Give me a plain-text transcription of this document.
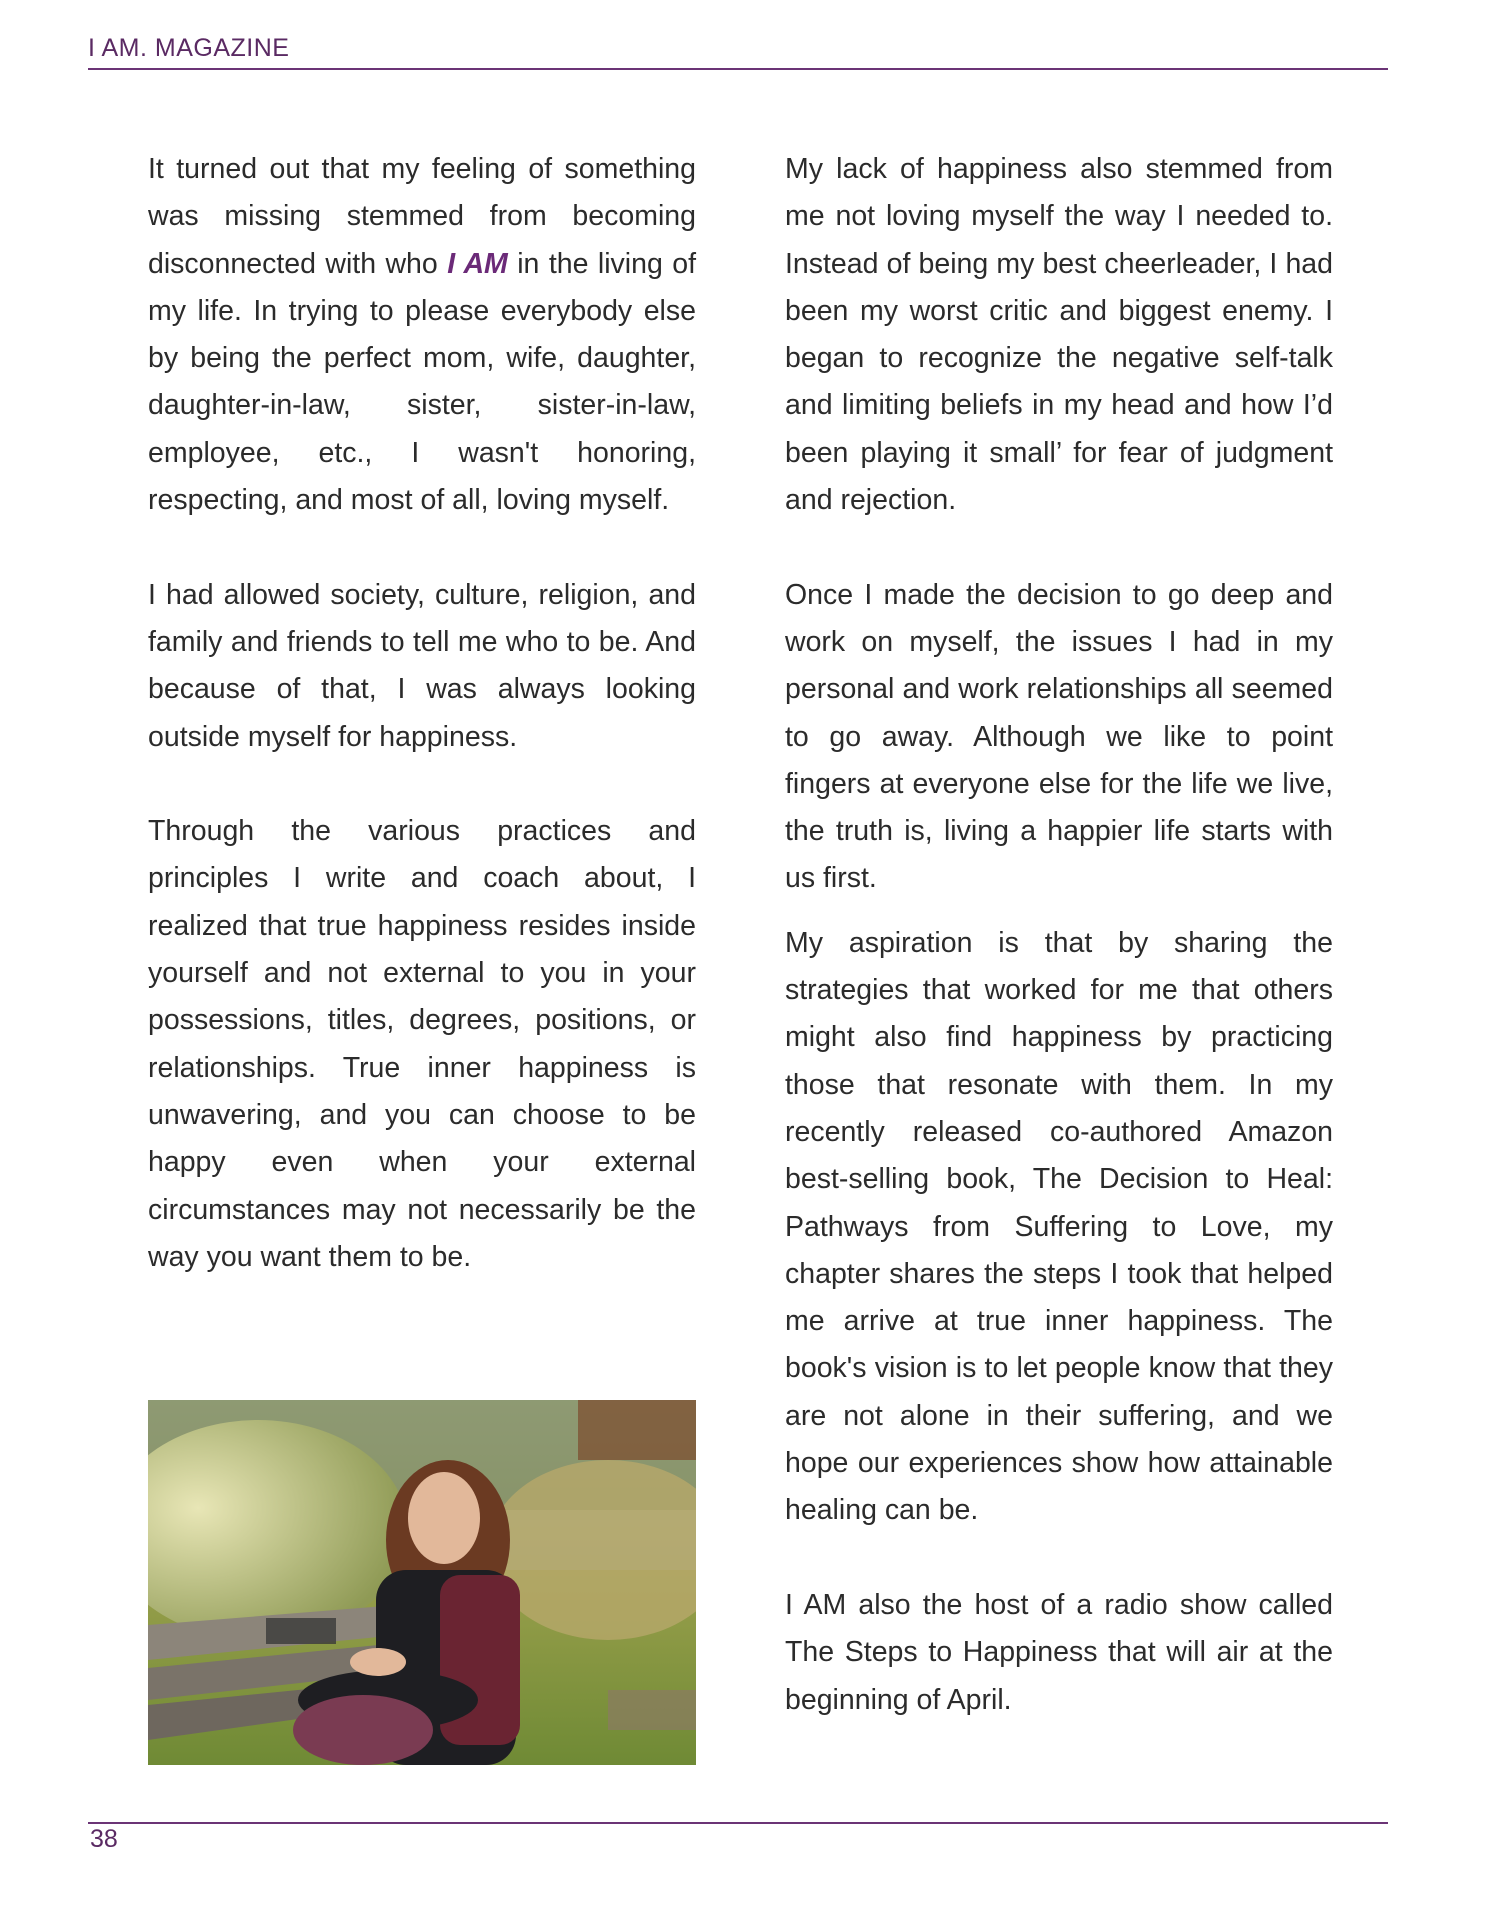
I AM. MAGAZINE

It turned out that my feeling of something was missing stemmed from becoming disconnected with who I AM in the living of my life. In trying to please everybody else by being the perfect mom, wife, daughter, daughter-in-law, sister, sister-in-law, employee, etc., I wasn't honoring, respecting, and most of all, loving myself.

I had allowed society, culture, religion, and family and friends to tell me who to be. And because of that, I was always looking outside myself for happiness.

Through the various practices and principles I write and coach about, I realized that true happiness resides inside yourself and not external to you in your possessions, titles, degrees, positions, or relationships. True inner happiness is unwavering, and you can choose to be happy even when your external circumstances may not necessarily be the way you want them to be.

My lack of happiness also stemmed from me not loving myself the way I needed to. Instead of being my best cheerleader, I had been my worst critic and biggest enemy. I began to recognize the negative self-talk and limiting beliefs in my head and how I’d been playing it small’ for fear of judgment and rejection.

Once I made the decision to go deep and work on myself, the issues I had in my personal and work relationships all seemed to go away. Although we like to point fingers at everyone else for the life we live, the truth is, living a happier life starts with us first.

My aspiration is that by sharing the strategies that worked for me that others might also find happiness by practicing those that resonate with them. In my recently released co-authored Amazon best-selling book, The Decision to Heal: Pathways from Suffering to Love, my chapter shares the steps I took that helped me arrive at true inner happiness. The book's vision is to let people know that they are not alone in their suffering, and we hope our experiences show how attainable healing can be.

I AM also the host of a radio show called The Steps to Happiness that will air at the beginning of April.

38
